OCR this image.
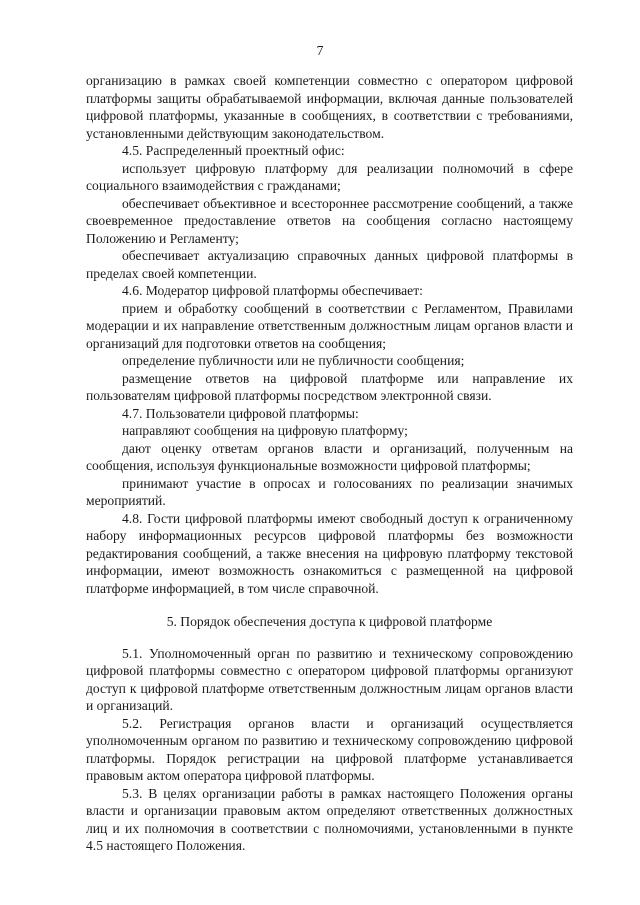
7

организацию в рамках своей компетенции совместно с оператором цифровой платформы защиты обрабатываемой информации, включая данные пользователей цифровой платформы, указанные в сообщениях, в соответствии с требованиями, установленными действующим законодательством.

4.5. Распределенный проектный офис:

использует цифровую платформу для реализации полномочий в сфере социального взаимодействия с гражданами;

обеспечивает объективное и всестороннее рассмотрение сообщений, а также своевременное предоставление ответов на сообщения согласно настоящему Положению и Регламенту;

обеспечивает актуализацию справочных данных цифровой платформы в пределах своей компетенции.

4.6. Модератор цифровой платформы обеспечивает:

прием и обработку сообщений в соответствии с Регламентом, Правилами модерации и их направление ответственным должностным лицам органов власти и организаций для подготовки ответов на сообщения;

определение публичности или не публичности сообщения;

размещение ответов на цифровой платформе или направление их пользователям цифровой платформы посредством электронной связи.

4.7. Пользователи цифровой платформы:

направляют сообщения на цифровую платформу;

дают оценку ответам органов власти и организаций, полученным на сообщения, используя функциональные возможности цифровой платформы;

принимают участие в опросах и голосованиях по реализации значимых мероприятий.

4.8. Гости цифровой платформы имеют свободный доступ к ограниченному набору информационных ресурсов цифровой платформы без возможности редактирования сообщений, а также внесения на цифровую платформу текстовой информации, имеют возможность ознакомиться с размещенной на цифровой платформе информацией, в том числе справочной.

5. Порядок обеспечения доступа к цифровой платформе

5.1. Уполномоченный орган по развитию и техническому сопровождению цифровой платформы совместно с оператором цифровой платформы организуют доступ к цифровой платформе ответственным должностным лицам органов власти и организаций.

5.2. Регистрация органов власти и организаций осуществляется уполномоченным органом по развитию и техническому сопровождению цифровой платформы. Порядок регистрации на цифровой платформе устанавливается правовым актом оператора цифровой платформы.

5.3. В целях организации работы в рамках настоящего Положения органы власти и организации правовым актом определяют ответственных должностных лиц и их полномочия в соответствии с полномочиями, установленными в пункте 4.5 настоящего Положения.
